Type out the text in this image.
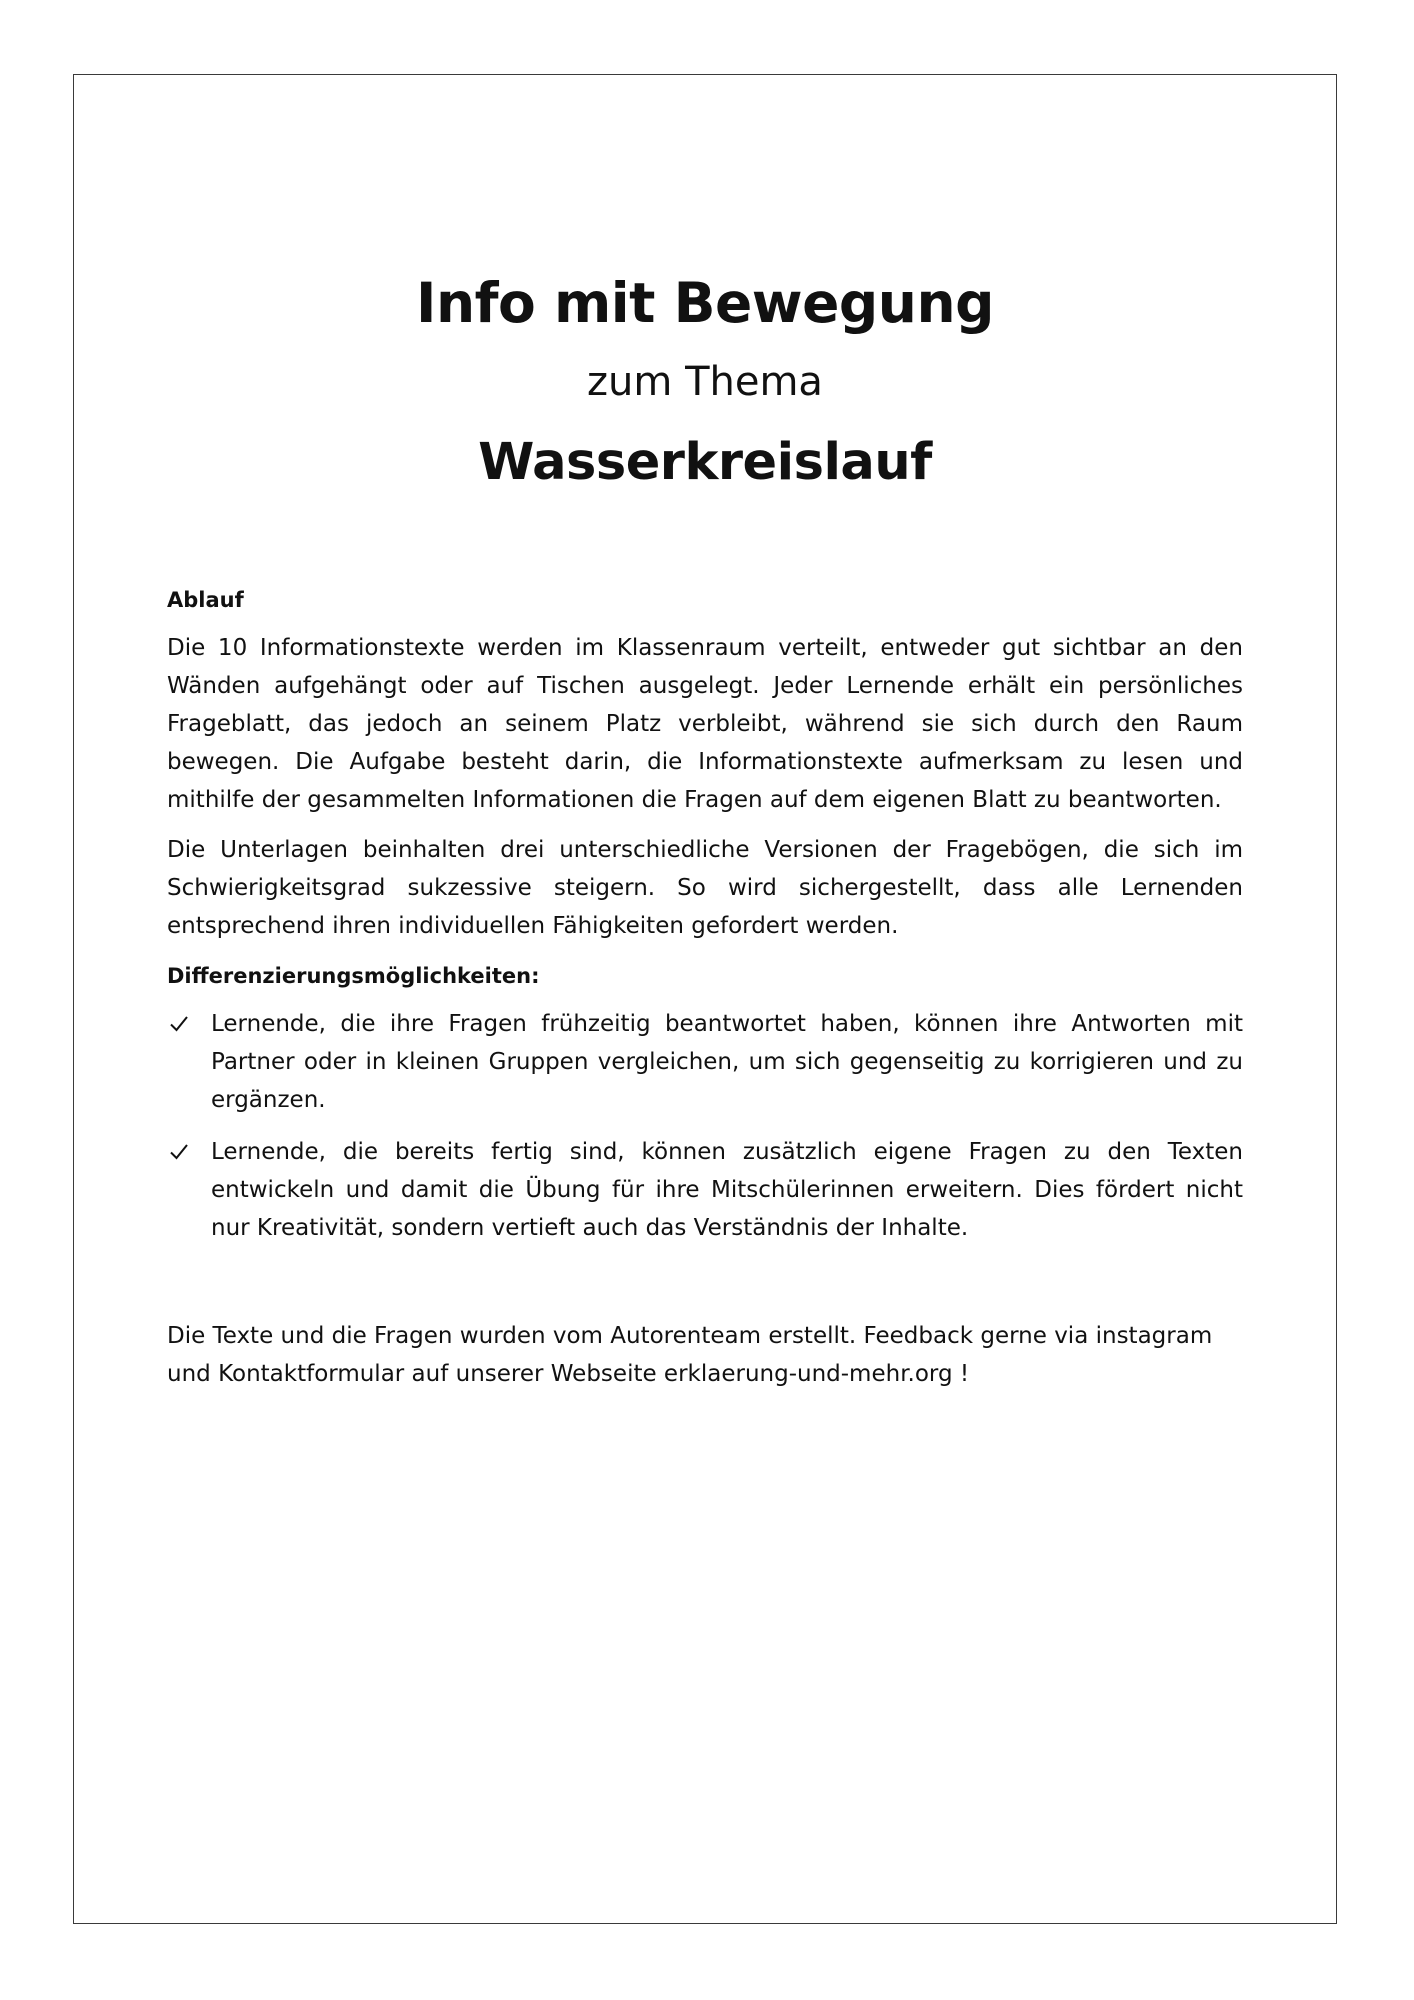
Info mit Bewegung

zum Thema

Wasserkreislauf
Ablauf

Die 10 Informationstexte werden im Klassenraum verteilt, entweder gut sichtbar an den Wänden aufgehängt oder auf Tischen ausgelegt. Jeder Lernende erhält ein persönliches Frageblatt, das jedoch an seinem Platz verbleibt, während sie sich durch den Raum bewegen. Die Aufgabe besteht darin, die Informationstexte aufmerksam zu lesen und mithilfe der gesammelten Informationen die Fragen auf dem eigenen Blatt zu beantworten.

Die Unterlagen beinhalten drei unterschiedliche Versionen der Fragebögen, die sich im Schwierigkeitsgrad sukzessive steigern. So wird sichergestellt, dass alle Lernenden entsprechend ihren individuellen Fähigkeiten gefordert werden.

Differenzierungsmöglichkeiten:
Lernende, die ihre Fragen frühzeitig beantwortet haben, können ihre Antworten mit Partner oder in kleinen Gruppen vergleichen, um sich gegenseitig zu korrigieren und zu ergänzen.
Lernende, die bereits fertig sind, können zusätzlich eigene Fragen zu den Texten entwickeln und damit die Übung für ihre Mitschülerinnen erweitern. Dies fördert nicht nur Kreativität, sondern vertieft auch das Verständnis der Inhalte.

Die Texte und die Fragen wurden vom Autorenteam erstellt. Feedback gerne via instagram und Kontaktformular auf unserer Webseite erklaerung-und-mehr.org !
